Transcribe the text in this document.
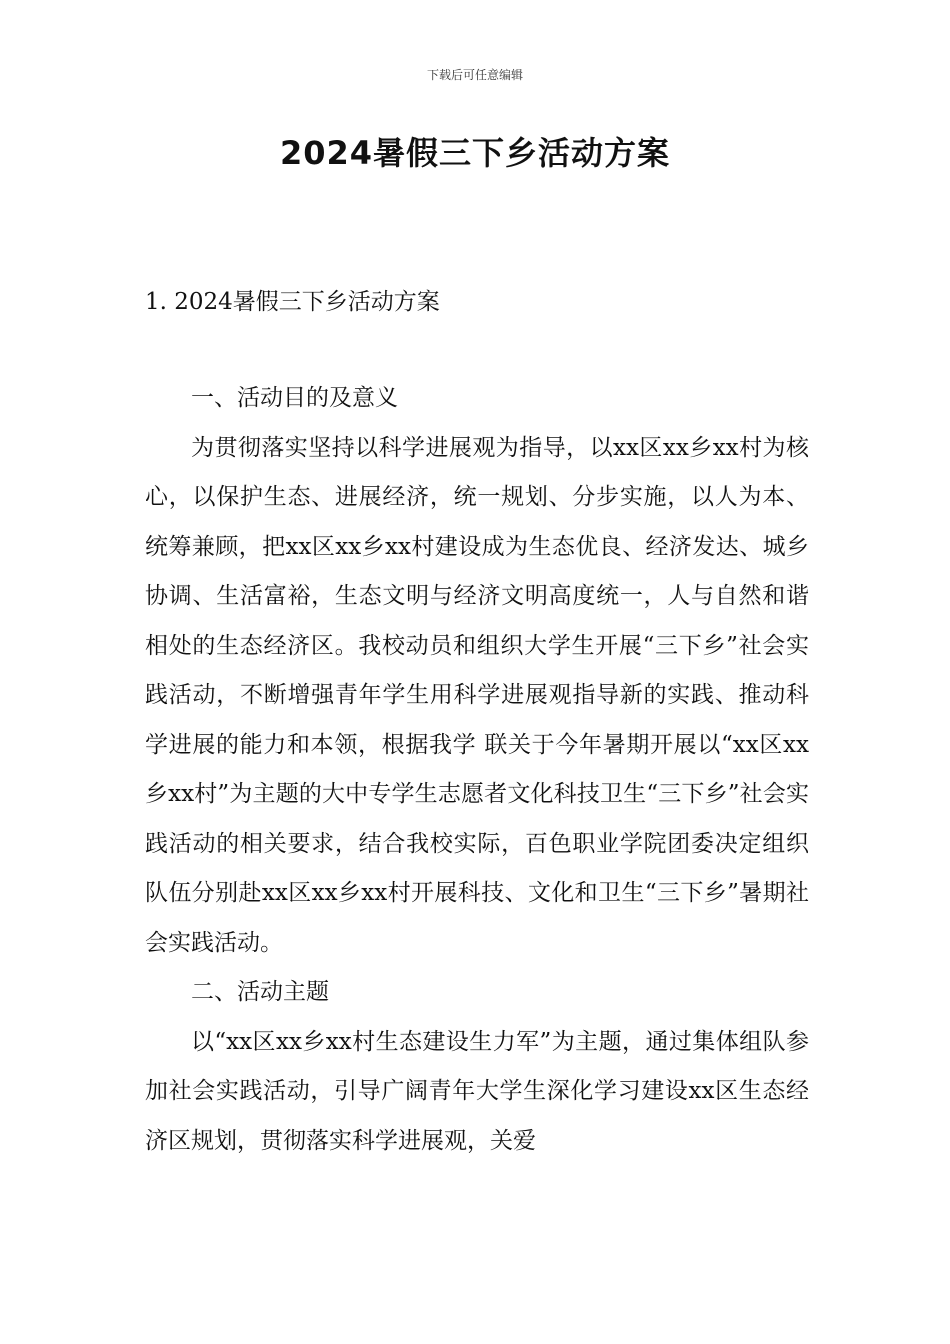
下载后可任意编辑
2024暑假三下乡活动方案
1. 2024暑假三下乡活动方案

一、活动目的及意义

为贯彻落实坚持以科学进展观为指导，以xx区xx乡xx村为核心，以保护生态、进展经济，统一规划、分步实施，以人为本、统筹兼顾，把xx区xx乡xx村建设成为生态优良、经济发达、城乡协调、生活富裕，生态文明与经济文明高度统一，人与自然和谐相处的生态经济区。我校动员和组织大学生开展“三下乡”社会实践活动，不断增强青年学生用科学进展观指导新的实践、推动科学进展的能力和本领，根据我学 联关于今年暑期开展以“xx区xx乡xx村”为主题的大中专学生志愿者文化科技卫生“三下乡”社会实践活动的相关要求，结合我校实际，百色职业学院团委决定组织队伍分别赴xx区xx乡xx村开展科技、文化和卫生“三下乡”暑期社会实践活动。

二、活动主题

以“xx区xx乡xx村生态建设生力军”为主题，通过集体组队参加社会实践活动，引导广阔青年大学生深化学习建设xx区生态经济区规划，贯彻落实科学进展观，关爱
